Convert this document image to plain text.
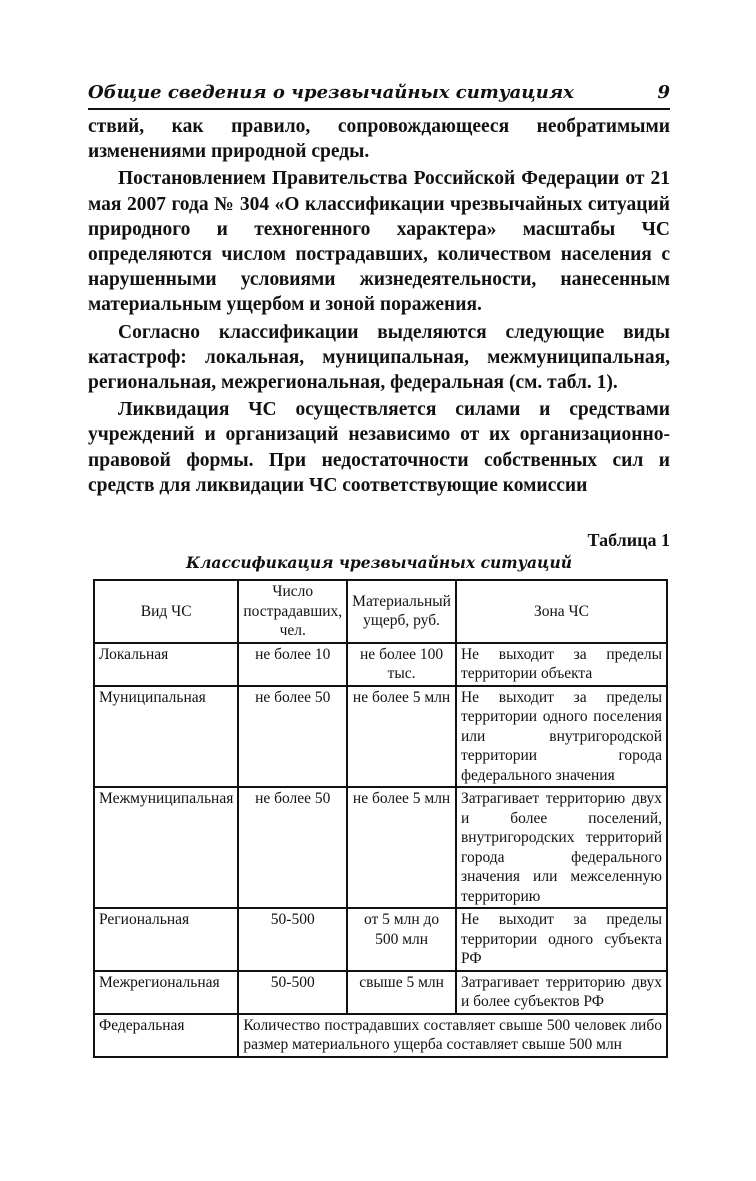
Общие сведения о чрезвычайных ситуациях	9

ствий, как правило, сопровождающееся необратимыми изменениями природной среды.

Постановлением Правительства Российской Федерации от 21 мая 2007 года № 304 «О классификации чрезвычайных ситуаций природного и техногенного характера» масштабы ЧС определяются числом пострадавших, количеством населения с нарушенными условиями жизнедеятельности, нанесенным материальным ущербом и зоной поражения.

Согласно классификации выделяются следующие виды катастроф: локальная, муниципальная, межмуниципальная, региональная, межрегиональная, федеральная (см. табл. 1).

Ликвидация ЧС осуществляется силами и средствами учреждений и организаций независимо от их организационно-правовой формы. При недостаточности собственных сил и средств для ликвидации ЧС соответствующие комиссии

Таблица 1
Классификация чрезвычайных ситуаций
Вид ЧС	Число пострадавших, чел.	Материальный ущерб, руб.	Зона ЧС
Локальная	не более 10	не более 100 тыс.	Не выходит за пределы территории объекта
Муниципальная	не более 50	не более 5 млн	Не выходит за пределы территории одного поселения или внутригородской территории города федерального значения
Межмуниципальная	не более 50	не более 5 млн	Затрагивает территорию двух и более поселений, внутригородских территорий города федерального значения или межселенную территорию
Региональная	50-500	от 5 млн до 500 млн	Не выходит за пределы территории одного субъекта РФ
Межрегиональная	50-500	свыше 5 млн	Затрагивает территорию двух и более субъектов РФ
Федеральная	Количество пострадавших составляет свыше 500 человек либо размер материального ущерба составляет свыше 500 млн		
